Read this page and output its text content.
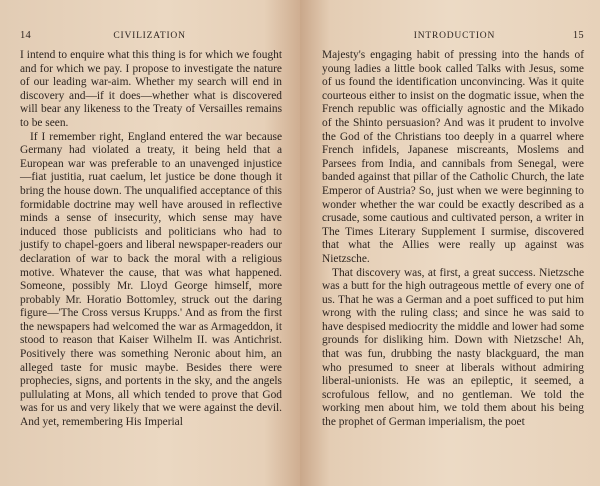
14	CIVILIZATION

I intend to enquire what this thing is for which we fought and for which we pay. I propose to investigate the nature of our leading war-aim. Whether my search will end in discovery and—if it does—whether what is discovered will bear any likeness to the Treaty of Versailles remains to be seen.

If I remember right, England entered the war because Germany had violated a treaty, it being held that a European war was preferable to an unavenged injustice—fiat justitia, ruat caelum, let justice be done though it bring the house down. The unqualified acceptance of this formidable doctrine may well have aroused in reflective minds a sense of insecurity, which sense may have induced those publicists and politicians who had to justify to chapel-goers and liberal newspaper-readers our declaration of war to back the moral with a religious motive. Whatever the cause, that was what happened. Someone, possibly Mr. Lloyd George himself, more probably Mr. Horatio Bottomley, struck out the daring figure—'The Cross versus Krupps.' And as from the first the newspapers had welcomed the war as Armageddon, it stood to reason that Kaiser Wilhelm II. was Antichrist. Positively there was something Neronic about him, an alleged taste for music maybe. Besides there were prophecies, signs, and portents in the sky, and the angels pullulating at Mons, all which tended to prove that God was for us and very likely that we were against the devil. And yet, remembering His Imperial

INTRODUCTION	15

Majesty's engaging habit of pressing into the hands of young ladies a little book called Talks with Jesus, some of us found the identification unconvincing. Was it quite courteous either to insist on the dogmatic issue, when the French republic was officially agnostic and the Mikado of the Shinto persuasion? And was it prudent to involve the God of the Christians too deeply in a quarrel where French infidels, Japanese miscreants, Moslems and Parsees from India, and cannibals from Senegal, were banded against that pillar of the Catholic Church, the late Emperor of Austria? So, just when we were beginning to wonder whether the war could be exactly described as a crusade, some cautious and cultivated person, a writer in The Times Literary Supplement I surmise, discovered that what the Allies were really up against was Nietzsche.

That discovery was, at first, a great success. Nietzsche was a butt for the high outrageous mettle of every one of us. That he was a German and a poet sufficed to put him wrong with the ruling class; and since he was said to have despised mediocrity the middle and lower had some grounds for disliking him. Down with Nietzsche! Ah, that was fun, drubbing the nasty blackguard, the man who presumed to sneer at liberals without admiring liberal-unionists. He was an epileptic, it seemed, a scrofulous fellow, and no gentleman. We told the working men about him, we told them about his being the prophet of German imperialism, the poet
